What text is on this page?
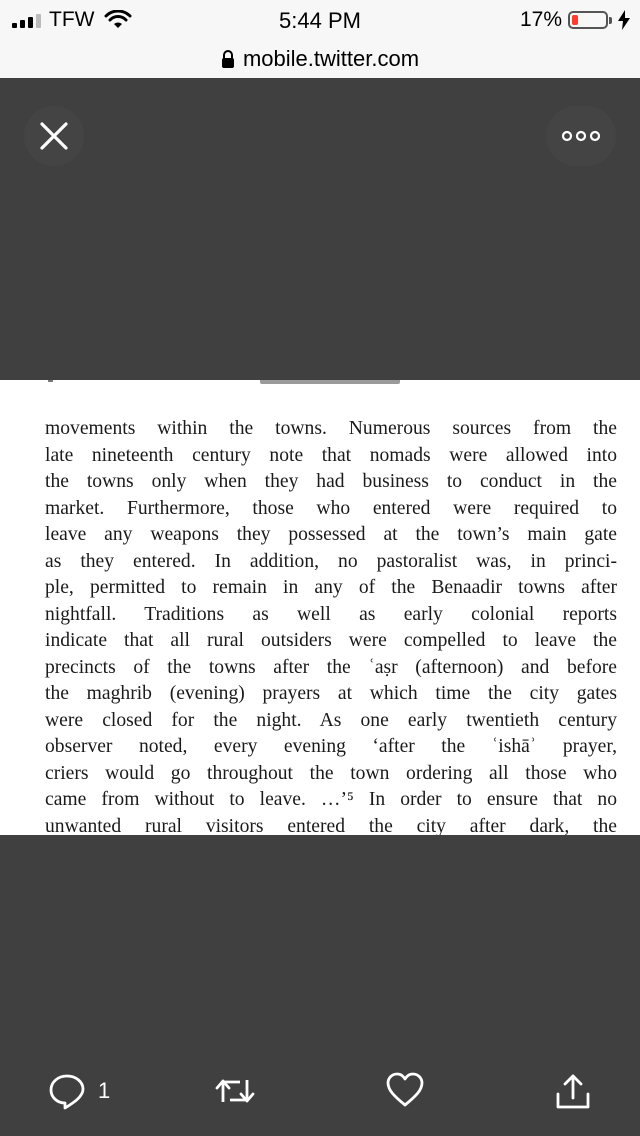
TFW	5:44 PM	17%
mobile.twitter.com
movements within the towns. Numerous sources from the
late nineteenth century note that nomads were allowed into
the towns only when they had business to conduct in the
market. Furthermore, those who entered were required to
leave any weapons they possessed at the town’s main gate
as they entered. In addition, no pastoralist was, in princi-
ple, permitted to remain in any of the Benaadir towns after
nightfall. Traditions as well as early colonial reports
indicate that all rural outsiders were compelled to leave the
precincts of the towns after the ʿaṣr (afternoon) and before
the maghrib (evening) prayers at which time the city gates
were closed for the night. As one early twentieth century
observer noted, every evening ‘after the ʿishāʾ prayer,
criers would go throughout the town ordering all those who
came from without to leave. …’⁵ In order to ensure that no
unwanted rural visitors entered the city after dark, the
1
